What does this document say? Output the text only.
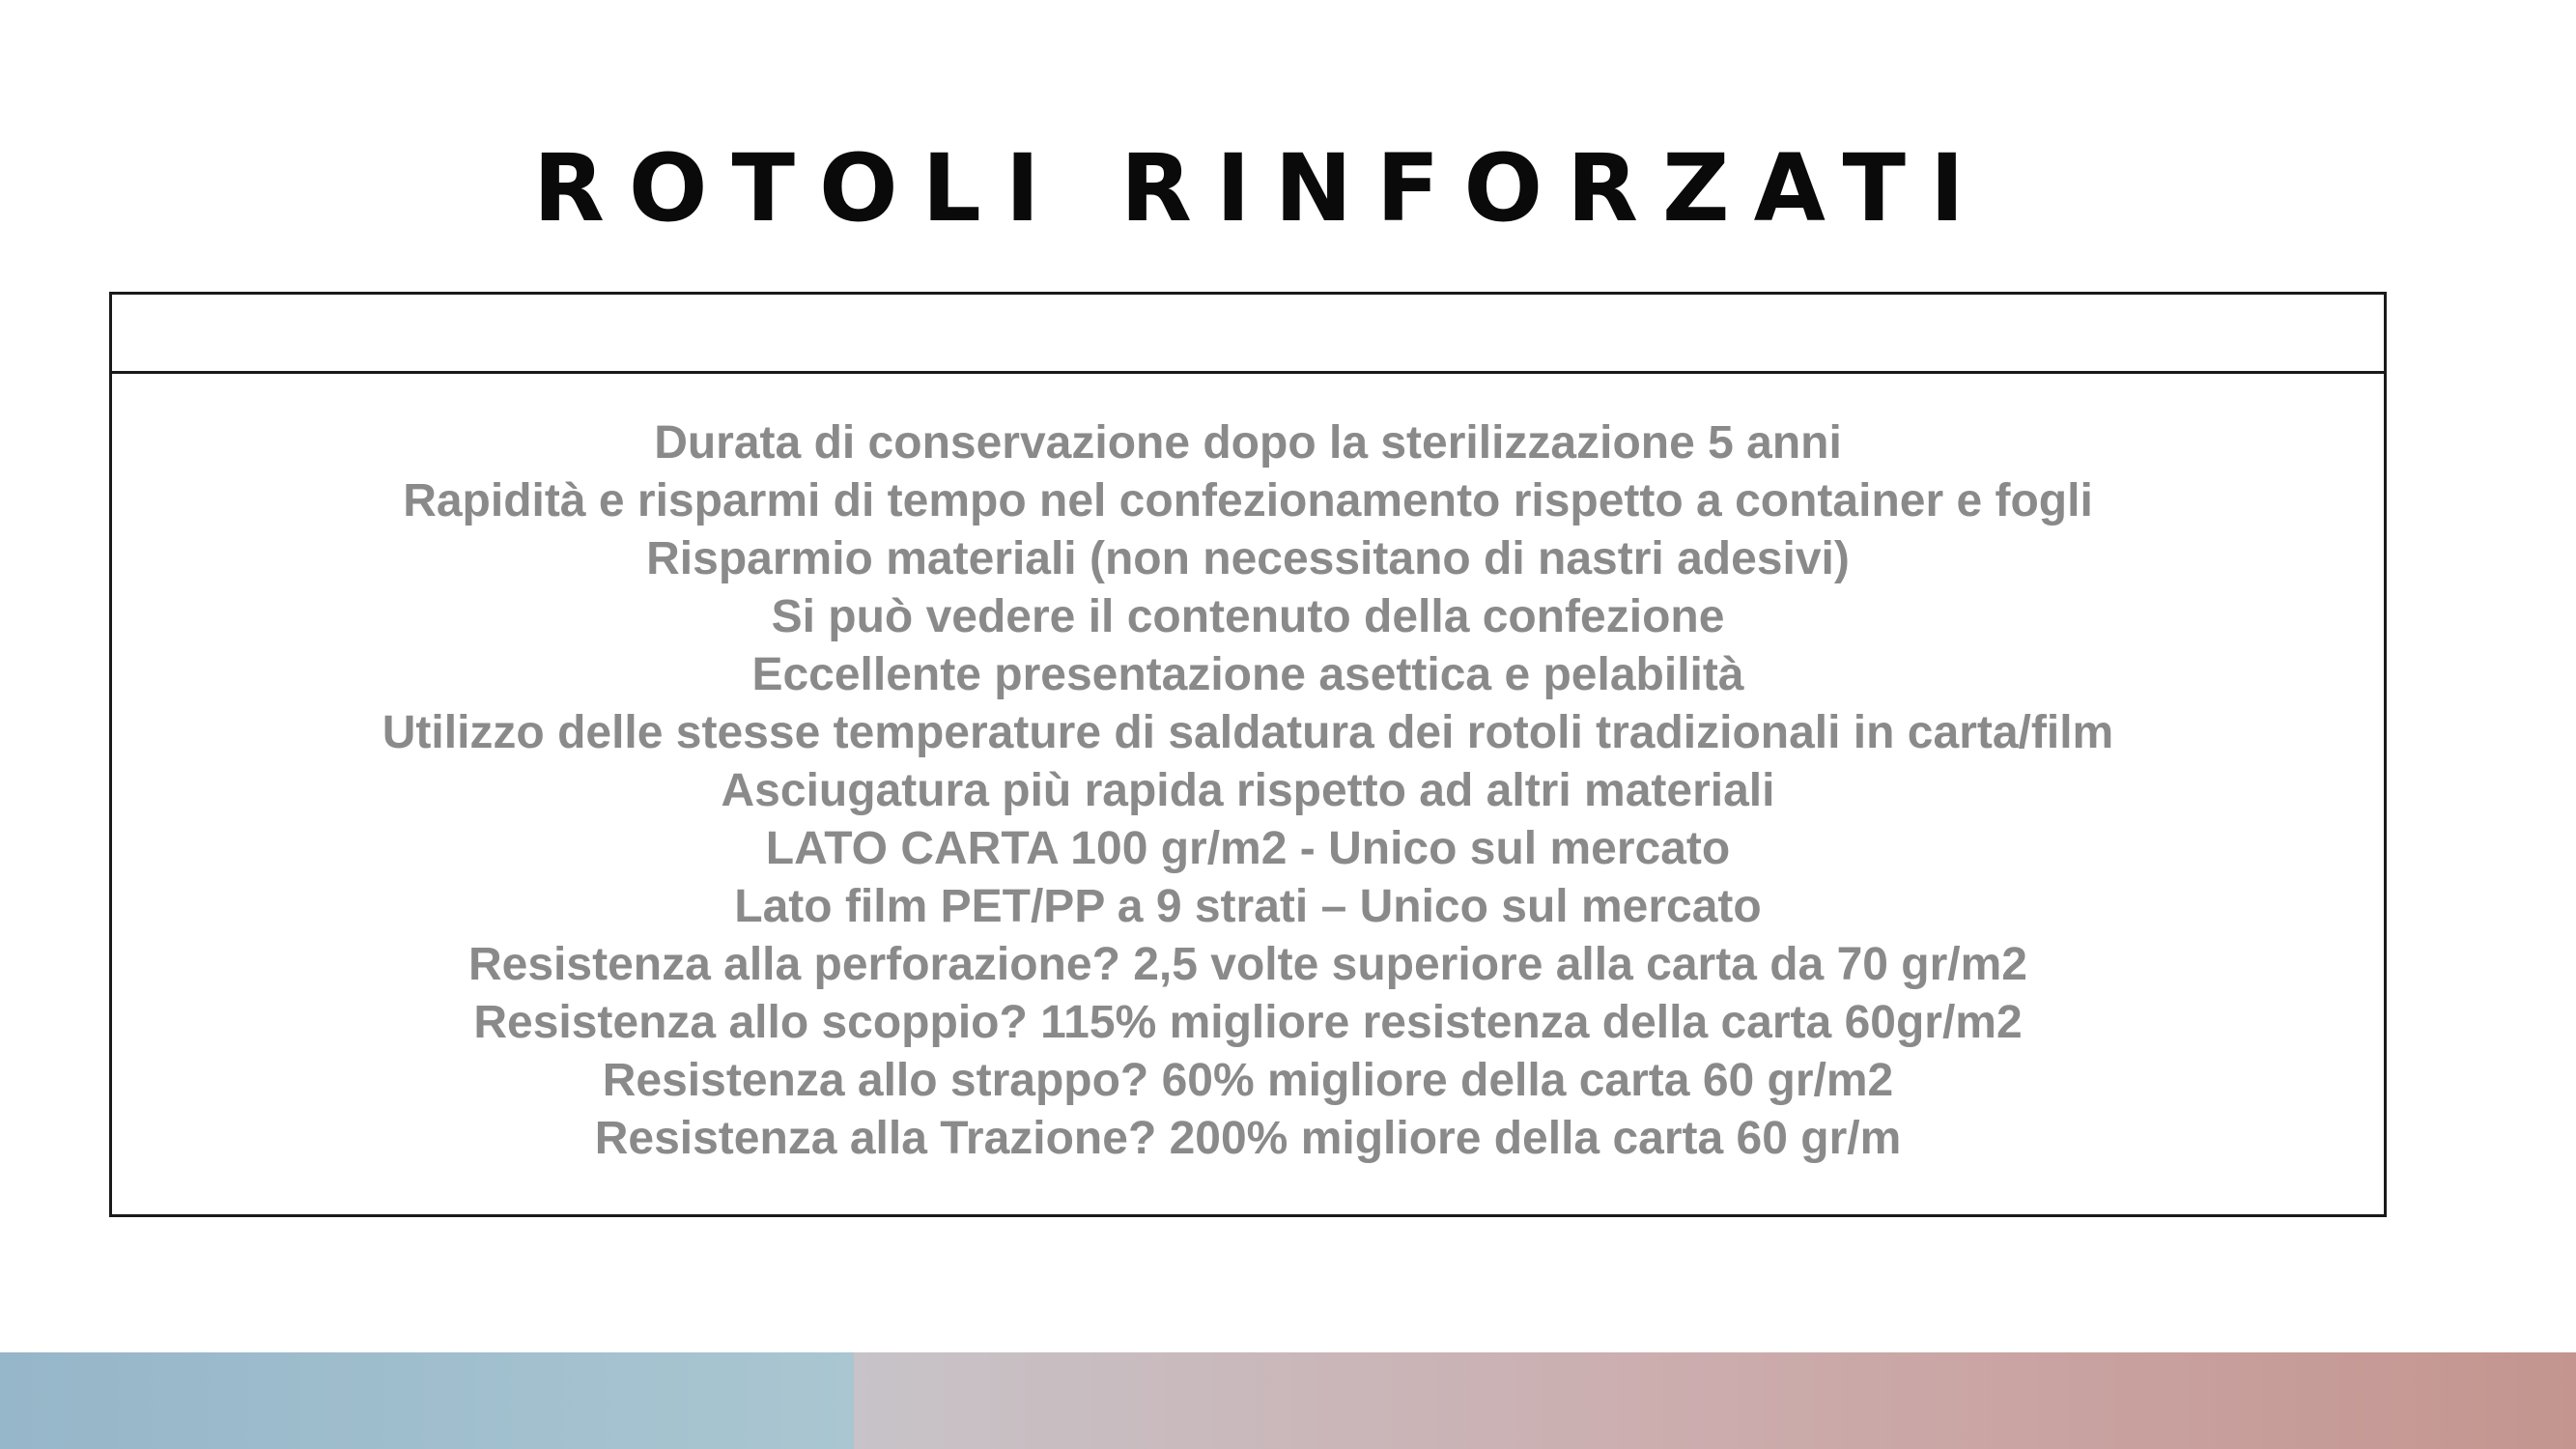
ROTOLI RINFORZATI
Durata di conservazione dopo la sterilizzazione 5 anni
Rapidità e risparmi di tempo nel confezionamento rispetto a container e fogli
Risparmio materiali (non necessitano di nastri adesivi)
Si può vedere il contenuto della confezione
Eccellente presentazione asettica e pelabilità
Utilizzo delle stesse temperature di saldatura dei rotoli tradizionali in carta/film
Asciugatura più rapida rispetto ad altri materiali
LATO CARTA 100 gr/m2 - Unico sul mercato
Lato film PET/PP a 9 strati – Unico sul mercato
Resistenza alla perforazione? 2,5 volte superiore alla carta da 70 gr/m2
Resistenza allo scoppio? 115% migliore resistenza della carta 60gr/m2
Resistenza allo strappo? 60% migliore della carta 60 gr/m2
Resistenza alla Trazione? 200% migliore della carta 60 gr/m
